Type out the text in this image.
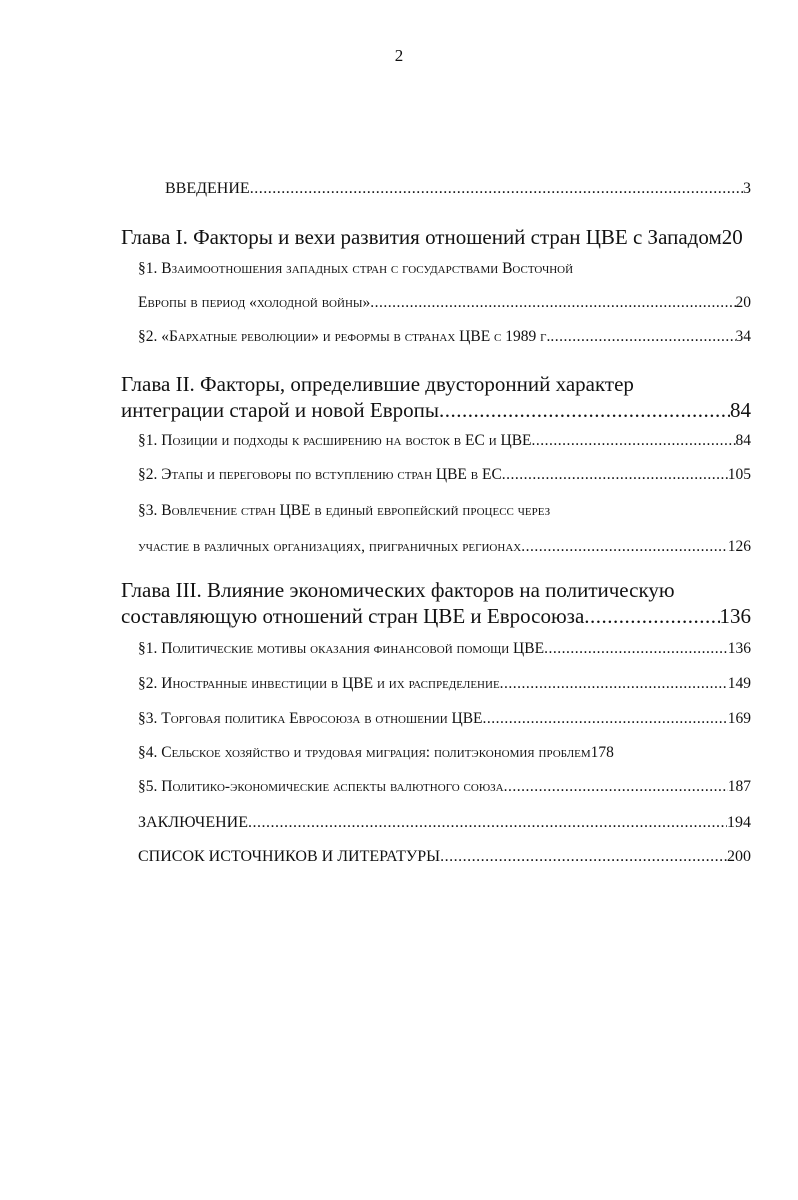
2
ВВЕДЕНИЕ .....	3
Глава I. Факторы и вехи развития отношений стран ЦВЕ с Западом20
§1. Взаимоотношения западных стран с государствами Восточной
Европы в период «холодной войны» .....	20
§2. «Бархатные революции» и реформы в странах ЦВЕ с 1989 г. .....	34
Глава II. Факторы, определившие двусторонний характер
интеграции старой и новой Европы .....	84
§1. Позиции и подходы к расширению на восток в ЕС и ЦВЕ .....	84
§2. Этапы и переговоры по вступлению стран ЦВЕ в ЕС .....	105
§3. Вовлечение стран ЦВЕ в единый европейский процесс через
участие в различных организациях, приграничных регионах .....	126
Глава III. Влияние экономических факторов на политическую
составляющую отношений стран ЦВЕ и Евросоюза .....	136
§1. Политические мотивы оказания финансовой помощи ЦВЕ .....	136
§2. Иностранные инвестиции в ЦВЕ и их распределение .....	149
§3. Торговая политика Евросоюза в отношении ЦВЕ .....	169
§4. Сельское хозяйство и трудовая миграция: политэкономия проблем178
§5. Политико-экономические аспекты валютного союза .....	187
ЗАКЛЮЧЕНИЕ .....	194
СПИСОК ИСТОЧНИКОВ И ЛИТЕРАТУРЫ .....	200
